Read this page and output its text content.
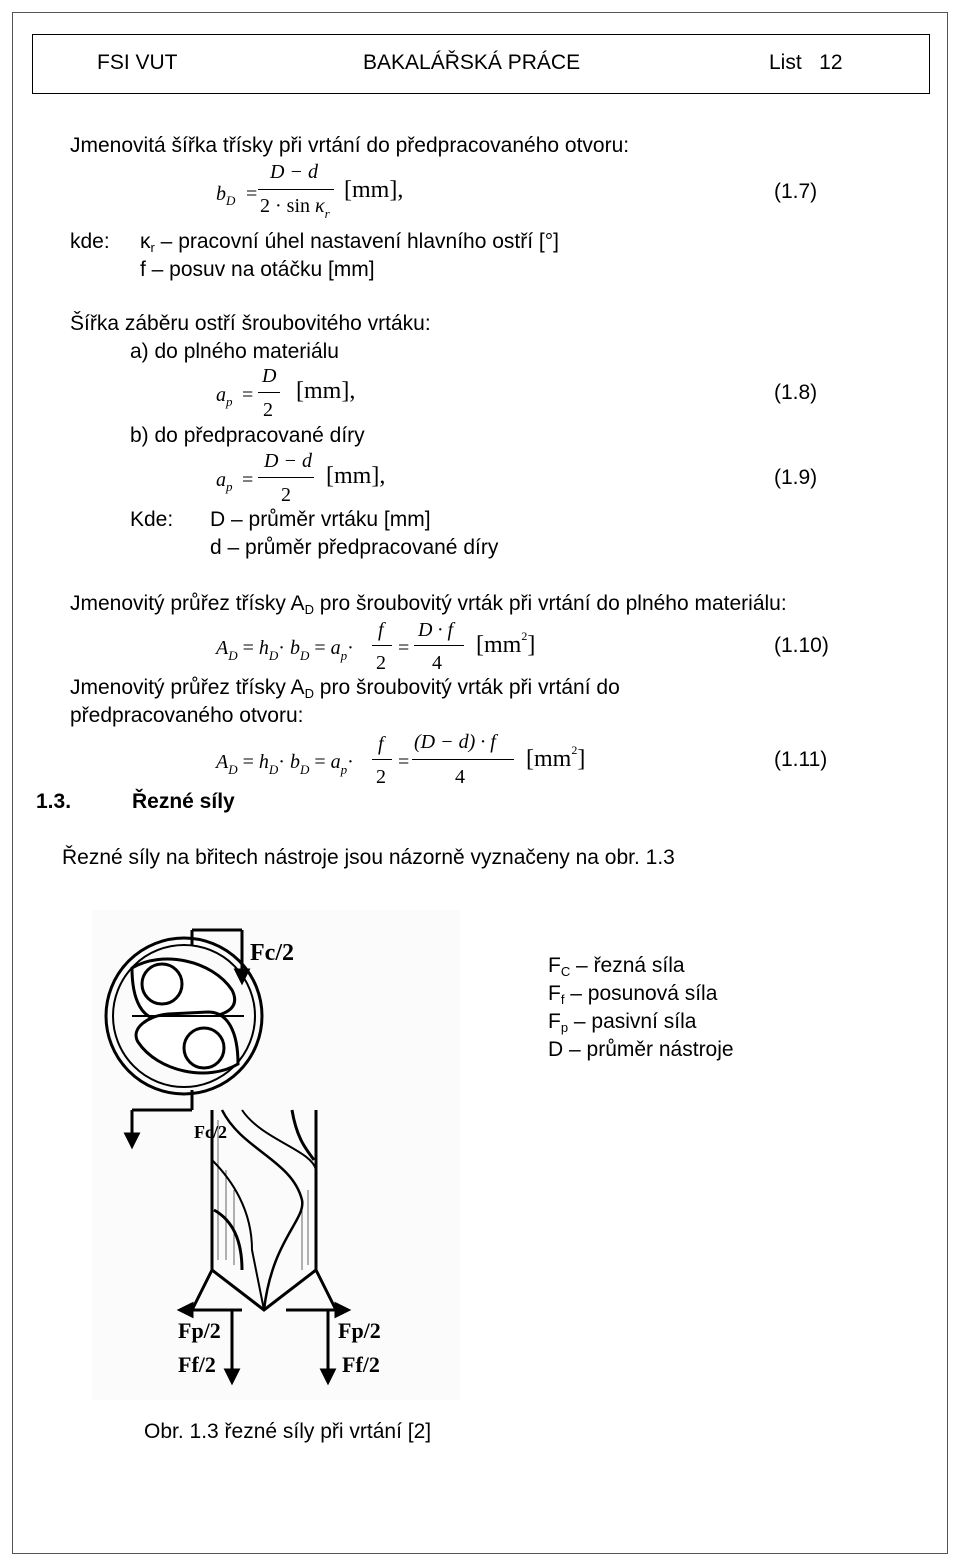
FSI VUT	BAKALÁŘSKÁ PRÁCE	List   12
Jmenovitá šířka třísky při vrtání do předpracovaného otvoru:
$b_D$ =
D − d
$2 \cdot \sin \kappa_r$
[mm],	(1.7)
kde: $\kappa_r$ – pracovní úhel nastavení hlavního ostří [°]
f – posuv na otáčku [mm]
Šířka záběru ostří šroubovitého vrtáku:
a) do plného materiálu
$a_p$ =
D
2
[mm],	(1.8)
b) do předpracované díry
$a_p$ =
D − d
2
[mm],	(1.9)
Kde: D – průměr vrtáku [mm]
d – průměr předpracované díry
Jmenovitý průřez třísky $A_D$ pro šroubovitý vrták při vrtání do plného materiálu:
$A_D = h_D\cdot b_D = a_p\cdot$
f
2
=
D · f
4
$[mm^2]$	(1.10)
Jmenovitý průřez třísky $A_D$ pro šroubovitý vrták při vrtání do
předpracovaného otvoru:
$A_D = h_D\cdot b_D = a_p\cdot$
f
2
=
(D − d) · f
4
$[mm^2]$	(1.11)
1.3.	Řezné síly
Řezné síly na břitech nástroje jsou názorně vyznačeny na obr. 1.3
Fc/2
Fc/2
Fp/2	Fp/2
Ff/2	Ff/2
$F_C$ – řezná síla
$F_f$ – posunová síla
$F_p$ – pasivní síla
D – průměr nástroje
Obr. 1.3 řezné síly při vrtání [2]
